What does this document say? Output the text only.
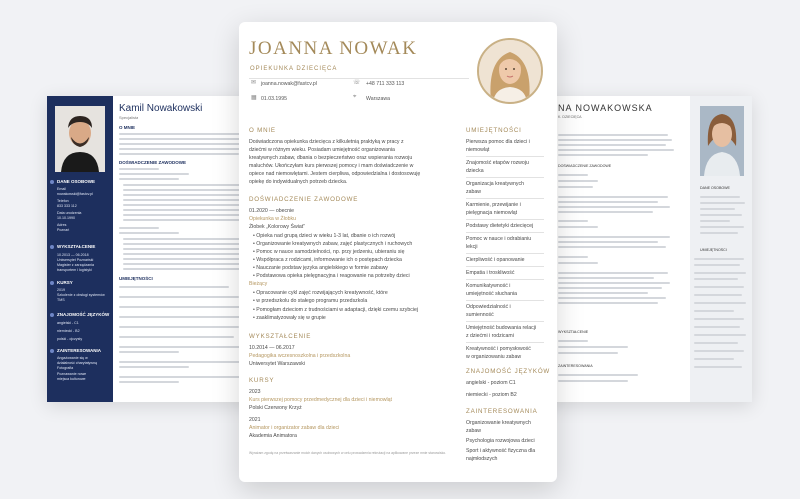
DANE OSOBOWE
Email
nowakowski@fastcv.pl
Telefon
833 333 112
Data urodzenia
10.10.1990
Adres
Poznań
WYKSZTAŁCENIE
10.2013 — 06.2018
Uniwersytet Poznański
Magister z zarządzania
transportem i logistyki
KURSY
2019
Szkolenie z obsługi systemów
TMS
ZNAJOMOŚĆ JĘZYKÓW
angielski - C1
niemiecki - B2
polski - ojczysty
ZAINTERESOWANIA
Angażowanie się w
działalność charytatywną
Fotografia
Poznawanie nowe
miejsca kulturowe
Kamil Nowakowski
Specjalista
O MNIE
DOŚWIADCZENIE ZAWODOWE
UMIEJĘTNOŚCI
DANE OSOBOWE
UMIEJĘTNOŚCI
NA NOWAKOWSKA
K. DZIECIĘCA
DOŚWIADCZENIE ZAWODOWE
WYKSZTAŁCENIE
ZAINTERESOWANIA
JOANNA NOWAK
OPIEKUNKA DZIECIĘCA
✉ joanna.nowak@fastcv.pl	☏ +48 711 333 113
▦ 01.03.1995	⌖ Warszawa
O MNIE
Doświadczona opiekunka dziecięca z kilkuletnią praktyką w pracy z
dziećmi w różnym wieku. Posiadam umiejętność organizowania
kreatywnych zabaw, dbania o bezpieczeństwo oraz wspierania rozwoju
maluchów. Ukończyłam kurs pierwszej pomocy i mam doświadczenie w
opiece nad niemowlętami. Jestem cierpliwa, odpowiedzialna i dostosowuję
opiekę do indywidualnych potrzeb dziecka.
DOŚWIADCZENIE ZAWODOWE
01.2020 — obecnie
Opiekunka w Żłobku
Żłobek „Kolorowy Świat”
• Opieka nad grupą dzieci w wieku 1-3 lat, dbanie o ich rozwój
• Organizowanie kreatywnych zabaw, zajęć plastycznych i ruchowych
• Pomoc w nauce samodzielności, np. przy jedzeniu, ubieraniu się
• Współpraca z rodzicami, informowanie ich o postępach dziecka
• Nauczanie podstaw języka angielskiego w formie zabawy
• Podstawowa opieka pielęgnacyjna i reagowanie na potrzeby dzieci
Bieżący
• Opracowanie cykl zajęć rozwijających kreatywność, które
• w przedszkolu do stałego programu przedszkola
• Pomogłam dzieciom z trudnościami w adaptacji, dzięki czemu szybciej
• zaaklimatyzowały się w grupie
WYKSZTAŁCENIE
10.2014 — 06.2017
Pedagogika wczesnoszkolna i przedszkolna
Uniwersytet Warszawski
KURSY
2023
Kurs pierwszej pomocy przedmedycznej dla dzieci i niemowląt
Polski Czerwony Krzyż
2021
Animator i organizator zabaw dla dzieci
Akademia Animatora
Wyrażam zgodę na przetwarzanie moich danych osobowych w celu prowadzenia rekrutacji na aplikowane przeze mnie stanowisko.
UMIEJĘTNOŚCI
Pierwsza pomoc dla dzieci i
niemowląt
Znajomość etapów rozwoju
dziecka
Organizacja kreatywnych
zabaw
Karmienie, przewijanie i
pielęgnacja niemowląt
Podstawy dietetyki dziecięcej
Pomoc w nauce i odrabianiu
lekcji
Cierpliwość i opanowanie
Empatia i troskliwość
Komunikatywność i
umiejętność słuchania
Odpowiedzialność i
sumienność
Umiejętność budowania relacji
z dziećmi i rodzicami
Kreatywność i pomysłowość
w organizowaniu zabaw
ZNAJOMOŚĆ JĘZYKÓW
angielski - poziom C1
niemiecki - poziom B2
ZAINTERESOWANIA
Organizowanie kreatywnych
zabaw
Psychologia rozwojowa dzieci
Sport i aktywność fizyczna dla
najmłodszych
